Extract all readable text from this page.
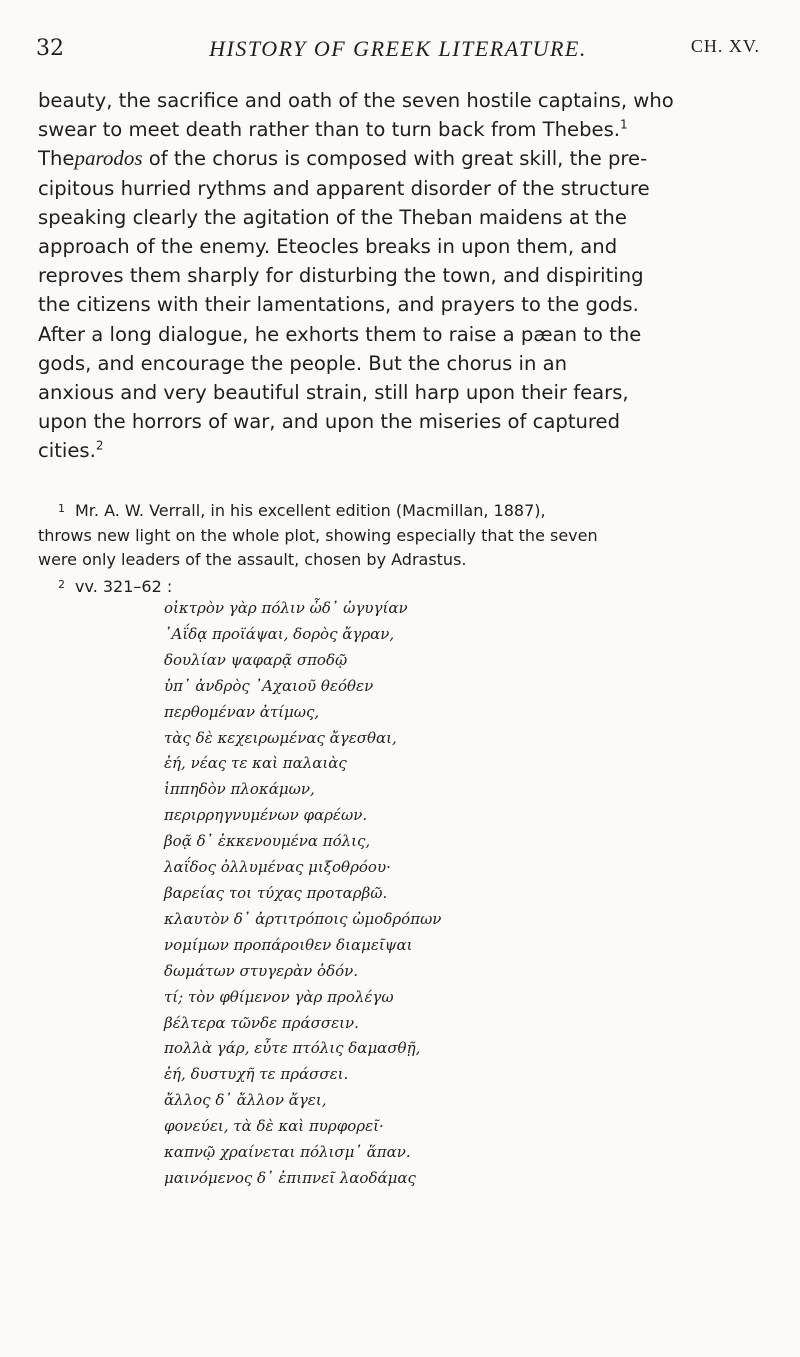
32	HISTORY OF GREEK LITERATURE.	CH. XV.
beauty, the sacrifice and oath of the seven hostile captains, who
swear to meet death rather than to turn back from Thebes.$^1$
Theparodos of the chorus is composed with great skill, the pre-
cipitous hurried rythms and apparent disorder of the structure
speaking clearly the agitation of the Theban maidens at the
approach of the enemy. Eteocles breaks in upon them, and
reproves them sharply for disturbing the town, and dispiriting
the citizens with their lamentations, and prayers to the gods.
After a long dialogue, he exhorts them to raise a pæan to the
gods, and encourage the people. But the chorus in an
anxious and very beautiful strain, still harp upon their fears,
upon the horrors of war, and upon the miseries of captured
cities.$^2$
$^1$ Mr. A. W. Verrall, in his excellent edition (Macmillan, 1887),
throws new light on the whole plot, showing especially that the seven
were only leaders of the assault, chosen by Adrastus.
$^2$ vv. 321–62 :
οἰκτρὸν γὰρ πόλιν ὧδ᾽ ὠγυγίαν
᾽Αΐδᾳ προϊάψαι, δορὸς ἄγραν,
δουλίαν ψαφαρᾷ σποδῷ
ὑπ᾽ ἀνδρὸς ᾽Αχαιοῦ θεόθεν
περθομέναν ἀτίμως,
τὰς δὲ κεχειρωμένας ἄγεσθαι,
ἐή, νέας τε καὶ παλαιὰς
ἱππηδὸν πλοκάμων,
περιρρηγνυμένων φαρέων.
βοᾷ δ᾽ ἐκκενουμένα πόλις,
λαΐδος ὀλλυμένας μιξοθρόου·
βαρείας τοι τύχας προταρβῶ.
κλαυτὸν δ᾽ ἀρτιτρόποις ὠμοδρόπων
νομίμων προπάροιθεν διαμεῖψαι
δωμάτων στυγερὰν ὁδόν.
τί; τὸν φθίμενον γὰρ προλέγω
βέλτερα τῶνδε πράσσειν.
πολλὰ γάρ, εὖτε πτόλις δαμασθῇ,
ἐή, δυστυχῆ τε πράσσει.
ἄλλος δ᾽ ἄλλον ἄγει,
φονεύει, τὰ δὲ καὶ πυρφορεῖ·
καπνῷ χραίνεται πόλισμ᾽ ἅπαν.
μαινόμενος δ᾽ ἐπιπνεῖ λαοδάμας
